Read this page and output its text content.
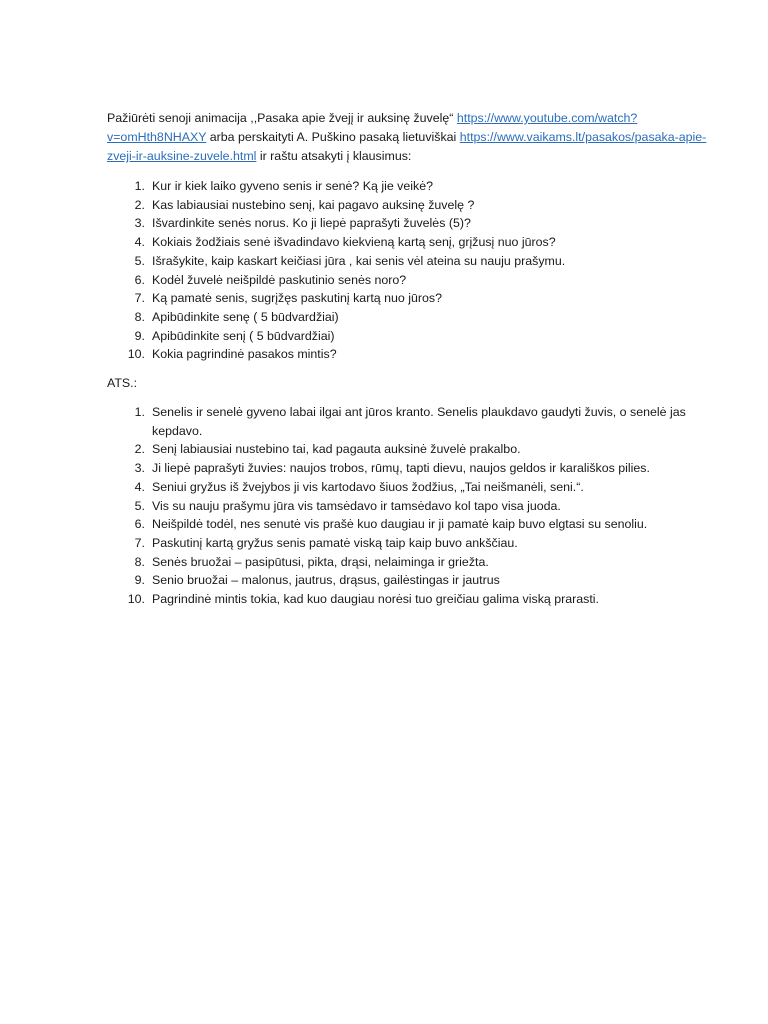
Pažiūrėti senoji animacija ,,Pasaka apie žvejį ir auksinę žuvelę“ https://www.youtube.com/watch?v=omHth8NHAXY arba perskaityti A. Puškino pasaką lietuviškai https://www.vaikams.lt/pasakos/pasaka-apie-zveji-ir-auksine-zuvele.html ir raštu atsakyti į klausimus:

1. Kur ir kiek laiko gyveno senis ir senė? Ką jie veikė?
2. Kas labiausiai nustebino senį, kai pagavo auksinę žuvelę ?
3. Išvardinkite senės norus. Ko ji liepė paprašyti žuvelės (5)?
4. Kokiais žodžiais senė išvadindavo kiekvieną kartą senį, grįžusį nuo jūros?
5. Išrašykite, kaip kaskart keičiasi jūra , kai senis vėl ateina su nauju prašymu.
6. Kodėl žuvelė neišpildė paskutinio senės noro?
7. Ką pamatė senis, sugrįžęs paskutinį kartą nuo jūros?
8. Apibūdinkite senę ( 5 būdvardžiai)
9. Apibūdinkite senį ( 5 būdvardžiai)
10. Kokia pagrindinė pasakos mintis?

ATS.:

1. Senelis ir senelė gyveno labai ilgai ant jūros kranto. Senelis plaukdavo gaudyti žuvis, o senelė jas kepdavo.
2. Senį labiausiai nustebino tai, kad pagauta auksinė žuvelė prakalbo.
3. Ji liepė paprašyti žuvies: naujos trobos, rūmų, tapti dievu, naujos geldos ir karališkos pilies.
4. Seniui gryžus iš žvejybos ji vis kartodavo šiuos žodžius, „Tai neišmanėli, seni.“.
5. Vis su nauju prašymu jūra vis tamsėdavo ir tamsėdavo kol tapo visa juoda.
6. Neišpildė todėl, nes senutė vis prašė kuo daugiau ir ji pamatė kaip buvo elgtasi su senoliu.
7. Paskutinį kartą gryžus senis pamatė viską taip kaip buvo ankščiau.
8. Senės bruožai – pasipūtusi, pikta, drąsi, nelaiminga ir griežta.
9. Senio bruožai – malonus, jautrus, drąsus, gailėstingas ir jautrus
10. Pagrindinė mintis tokia, kad kuo daugiau norėsi tuo greičiau galima viską prarasti.
